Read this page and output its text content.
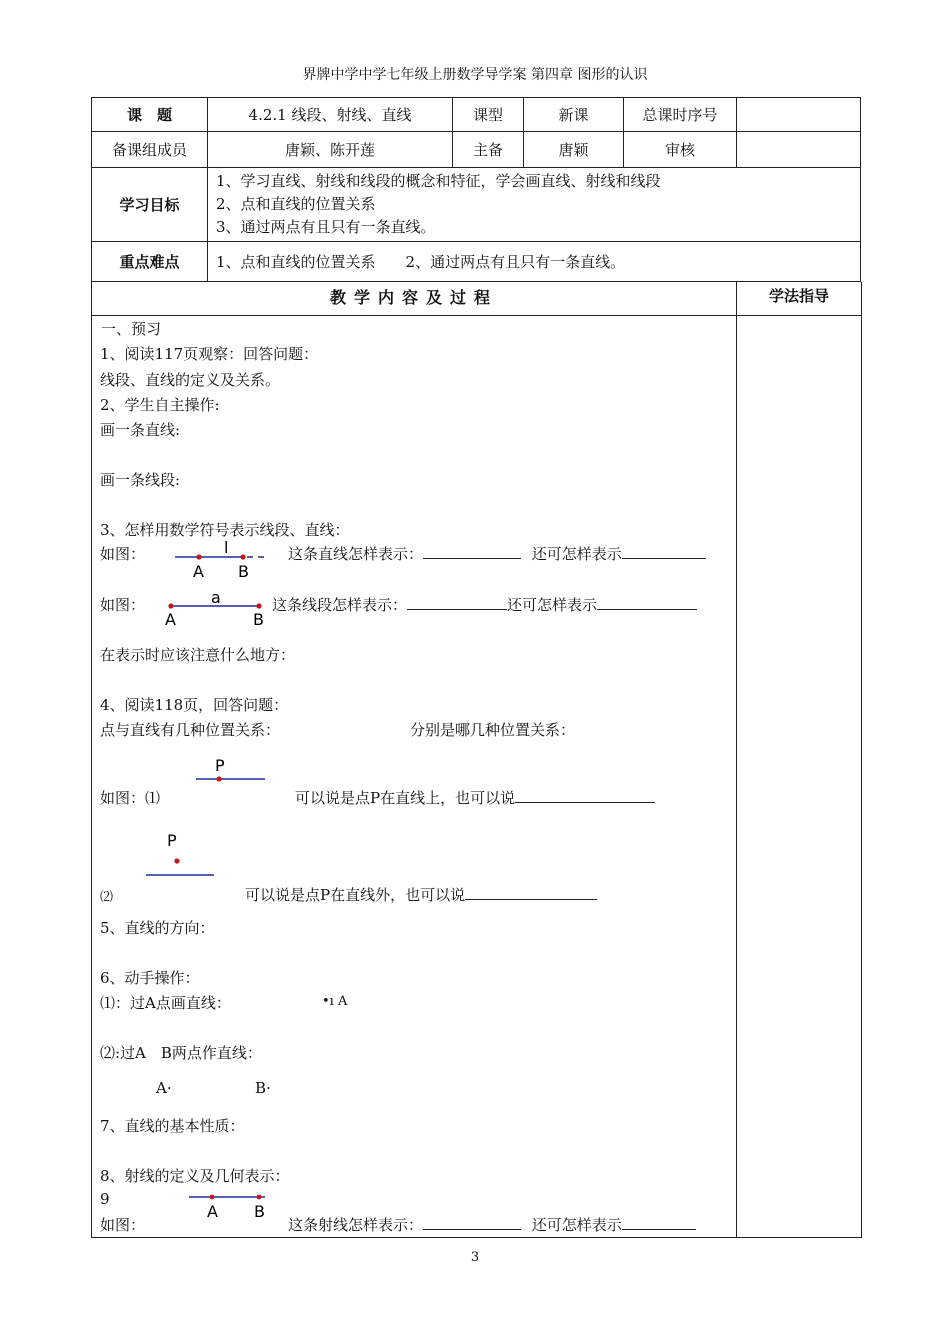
界牌中学中学七年级上册数学导学案 第四章 图形的认识
课　题	4.2.1 线段、射线、直线	课型	新课	总课时序号	
备课组成员	唐颖、陈开莲	主备	唐颖	审核	
学习目标	1、学习直线、射线和线段的概念和特征，学会画直线、射线和线段
2、点和直线的位置关系
3、通过两点有且只有一条直线。				

重点难点	1、点和直线的位置关系　　2、通过两点有且只有一条直线。				
教学内容及过程	学法指导
一、预习
1、阅读117页观察：回答问题：
线段、直线的定义及关系。
2、学生自主操作:
画一条直线:
画一条线段:
3、怎样用数学符号表示线段、直线：
如图：	这条直线怎样表示：	还可怎样表示
如图：	这条线段怎样表示：	还可怎样表示
在表示时应该注意什么地方：
4、阅读118页，回答问题：
点与直线有几种位置关系：	分别是哪几种位置关系：
如图：⑴	可以说是点P在直线上，也可以说
⑵	可以说是点P在直线外，也可以说
5、直线的方向：
6、动手操作：
⑴：过A点画直线：	•ı A
⑵:过A　B两点作直线：
A·	B·
7、直线的基本性质：
8、射线的定义及几何表示：
9
如图：	这条射线怎样表示：	还可怎样表示
l
A B
a
A	B
P
P
A B
3
